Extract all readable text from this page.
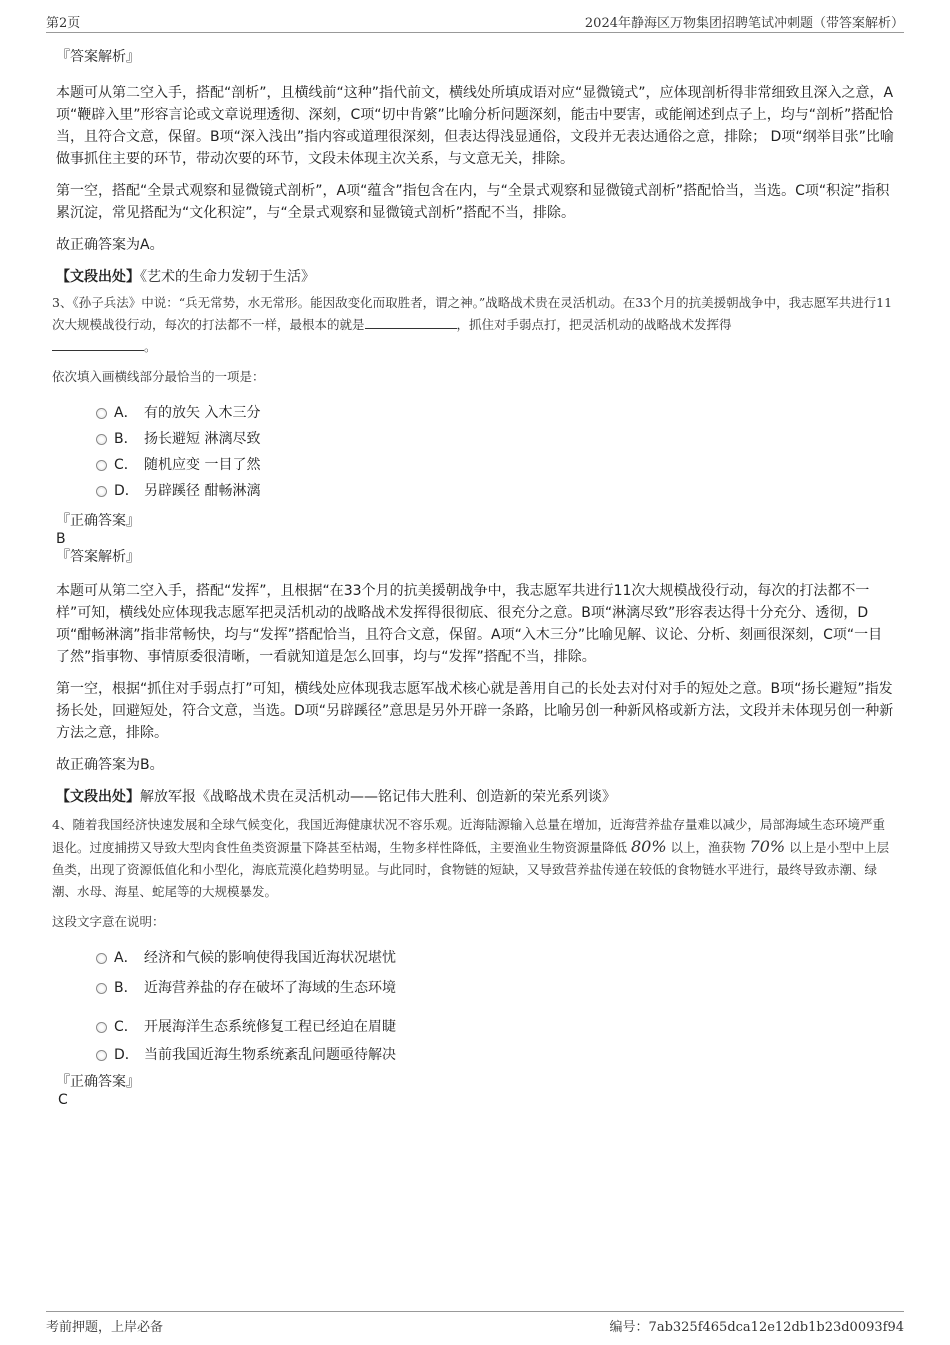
第2页	2024年静海区万物集团招聘笔试冲刺题（带答案解析）

『答案解析』

本题可从第二空入手，搭配“剖析”，且横线前“这种”指代前文，横线处所填成语对应“显微镜式”，应体现剖析得非常细致且深入之意，A项“鞭辟入里”形容言论或文章说理透彻、深刻，C项“切中肯綮”比喻分析问题深刻，能击中要害，或能阐述到点子上，均与“剖析”搭配恰当，且符合文意，保留。B项“深入浅出”指内容或道理很深刻，但表达得浅显通俗，文段并无表达通俗之意，排除； D项“纲举目张”比喻做事抓住主要的环节，带动次要的环节，文段未体现主次关系，与文意无关，排除。

第一空，搭配“全景式观察和显微镜式剖析”，A项“蕴含”指包含在内，与“全景式观察和显微镜式剖析”搭配恰当，当选。C项“积淀”指积累沉淀，常见搭配为“文化积淀”，与“全景式观察和显微镜式剖析”搭配不当，排除。

故正确答案为A。

【文段出处】《艺术的生命力发轫于生活》

3、《孙子兵法》中说：“兵无常势，水无常形。能因敌变化而取胜者，谓之神。”战略战术贵在灵活机动。在33个月的抗美援朝战争中，我志愿军共进行11次大规模战役行动，每次的打法都不一样，最根本的就是	，抓住对手弱点打，把灵活机动的战略战术发挥得
。

依次填入画横线部分最恰当的一项是：

A． 有的放矢 入木三分
B． 扬长避短 淋漓尽致
C． 随机应变 一目了然
D． 另辟蹊径 酣畅淋漓

『正确答案』

B

『答案解析』

本题可从第二空入手，搭配“发挥”，且根据“在33个月的抗美援朝战争中，我志愿军共进行11次大规模战役行动，每次的打法都不一样”可知，横线处应体现我志愿军把灵活机动的战略战术发挥得很彻底、很充分之意。B项“淋漓尽致”形容表达得十分充分、透彻，D项“酣畅淋漓”指非常畅快，均与“发挥”搭配恰当，且符合文意，保留。A项“入木三分”比喻见解、议论、分析、刻画很深刻，C项“一目了然”指事物、事情原委很清晰，一看就知道是怎么回事，均与“发挥”搭配不当，排除。

第一空，根据“抓住对手弱点打”可知，横线处应体现我志愿军战术核心就是善用自己的长处去对付对手的短处之意。B项“扬长避短”指发扬长处，回避短处，符合文意，当选。D项“另辟蹊径”意思是另外开辟一条路，比喻另创一种新风格或新方法，文段并未体现另创一种新方法之意，排除。

故正确答案为B。

【文段出处】解放军报《战略战术贵在灵活机动——铭记伟大胜利、创造新的荣光系列谈》

4、随着我国经济快速发展和全球气候变化，我国近海健康状况不容乐观。近海陆源输入总量在增加，近海营养盐存量难以减少，局部海域生态环境严重退化。过度捕捞又导致大型肉食性鱼类资源量下降甚至枯竭，生物多样性降低，主要渔业生物资源量降低 80% 以上，渔获物 70% 以上是小型中上层鱼类，出现了资源低值化和小型化，海底荒漠化趋势明显。与此同时，食物链的短缺，又导致营养盐传递在较低的食物链水平进行，最终导致赤潮、绿潮、水母、海星、蛇尾等的大规模暴发。

这段文字意在说明：

A． 经济和气候的影响使得我国近海状况堪忧
B． 近海营养盐的存在破坏了海域的生态环境
C． 开展海洋生态系统修复工程已经迫在眉睫
D． 当前我国近海生物系统紊乱问题亟待解决

『正确答案』

C

考前押题，上岸必备	编号：7ab325f465dca12e12db1b23d0093f94
